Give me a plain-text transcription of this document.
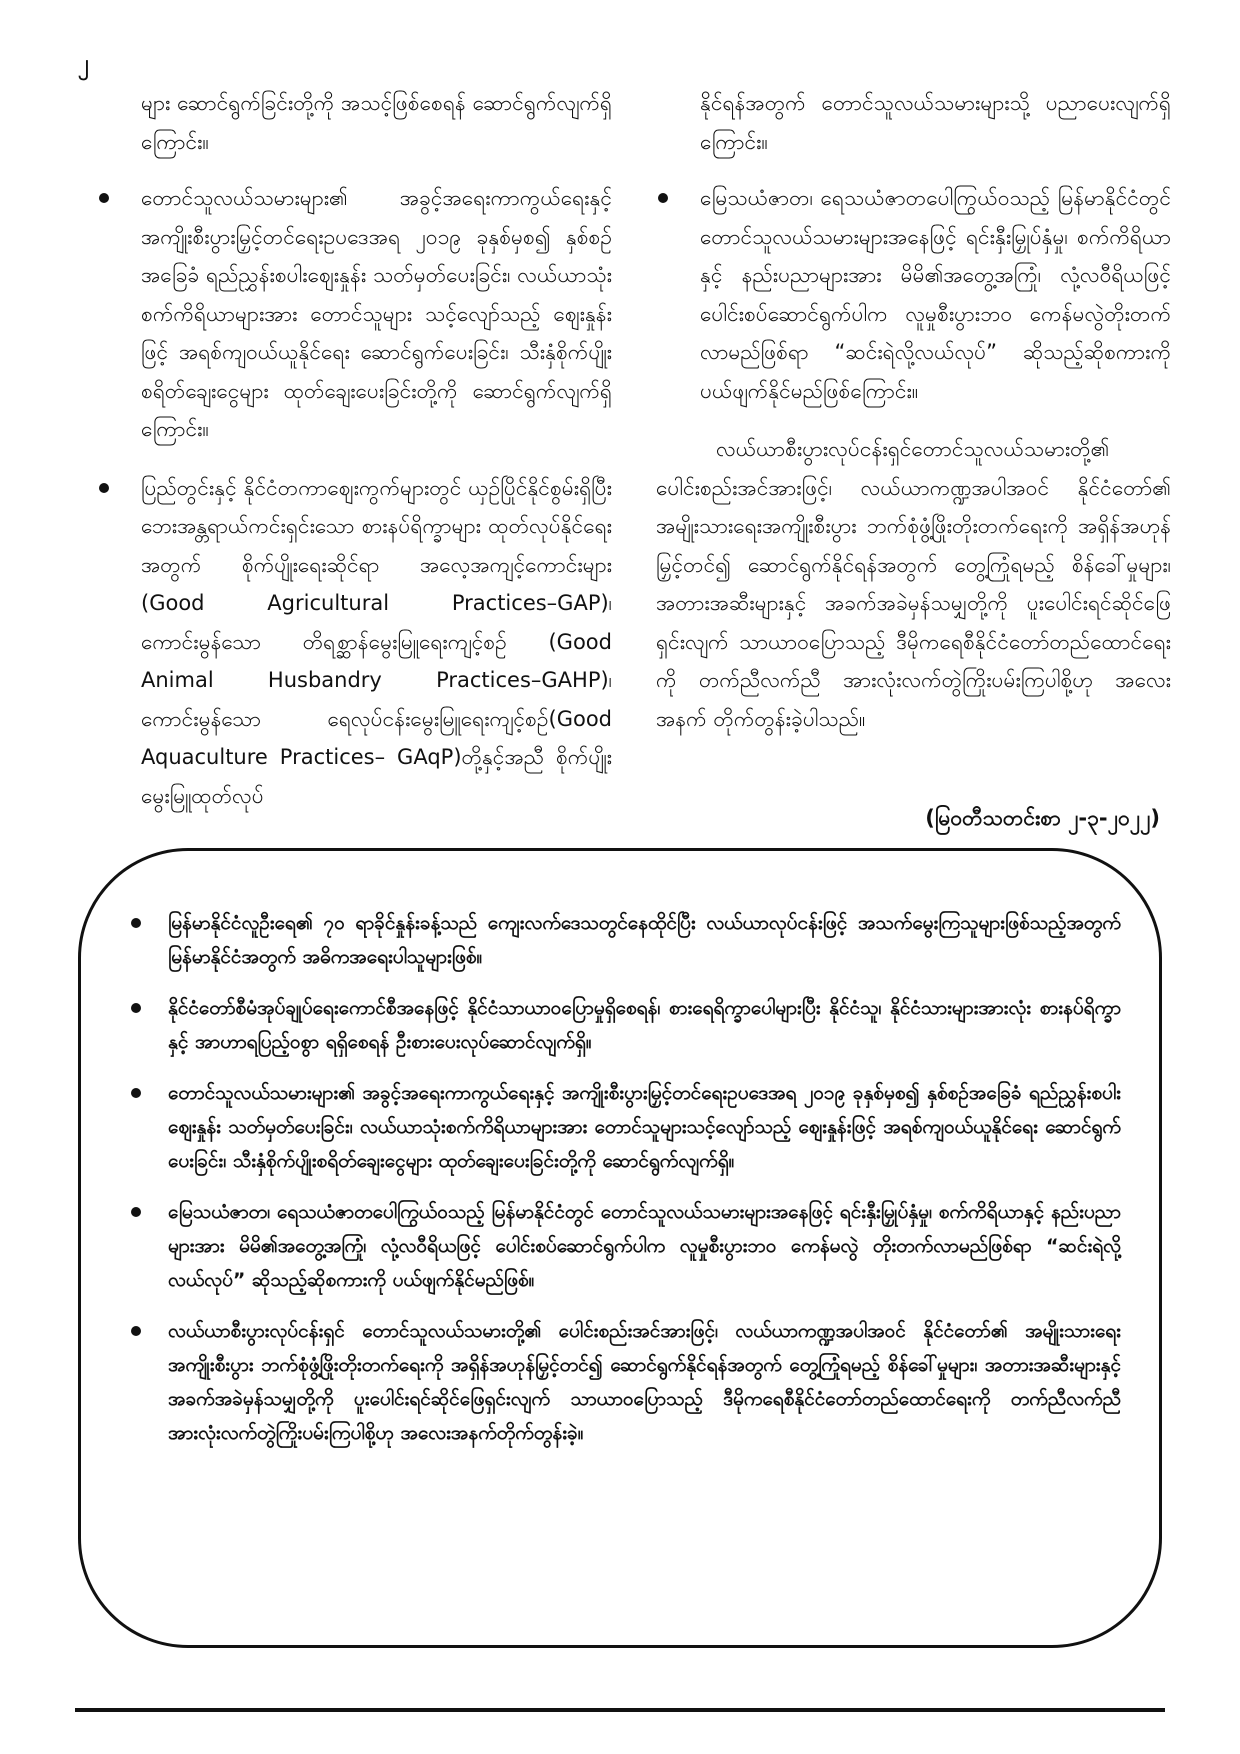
၂

များ ဆောင်ရွက်ခြင်းတို့ကို အသင့်ဖြစ်စေရန် ဆောင်ရွက်လျက်ရှိကြောင်း။

တောင်သူလယ်သမားများ၏ အခွင့်အရေးကာကွယ်ရေးနှင့် အကျိုးစီးပွားမြှင့်တင်ရေးဥပဒေအရ ၂၀၁၉ ခုနှစ်မှစ၍ နှစ်စဉ်အခြေခံ ရည်ညွှန်းစပါးဈေးနှုန်း သတ်မှတ်ပေးခြင်း၊ လယ်ယာသုံးစက်ကိရိယာများအား တောင်သူများ သင့်လျော်သည့် ဈေးနှုန်းဖြင့် အရစ်ကျဝယ်ယူနိုင်ရေး ဆောင်ရွက်ပေးခြင်း၊ သီးနှံစိုက်ပျိုးစရိတ်ချေးငွေများ ထုတ်ချေးပေးခြင်းတို့ကို ဆောင်ရွက်လျက်ရှိကြောင်း။
ပြည်တွင်းနှင့် နိုင်ငံတကာဈေးကွက်များတွင် ယှဉ်ပြိုင်နိုင်စွမ်းရှိပြီး ဘေးအန္တရာယ်ကင်းရှင်းသော စားနပ်ရိက္ခာများ ထုတ်လုပ်နိုင်ရေးအတွက် စိုက်ပျိုးရေးဆိုင်ရာ အလေ့အကျင့်ကောင်းများ (Good Agricultural Practices–GAP)၊ ကောင်းမွန်သော တိရစ္ဆာန်မွေးမြူရေးကျင့်စဉ် (Good Animal Husbandry Practices–GAHP)၊ ကောင်းမွန်သော ရေလုပ်ငန်းမွေးမြူရေးကျင့်စဉ်(Good Aquaculture Practices– GAqP)တို့နှင့်အညီ စိုက်ပျိုးမွေးမြူထုတ်လုပ်

နိုင်ရန်အတွက် တောင်သူလယ်သမားများသို့ ပညာပေးလျက်ရှိကြောင်း။

မြေသယံဇာတ၊ ရေသယံဇာတပေါကြွယ်ဝသည့် မြန်မာနိုင်ငံတွင် တောင်သူလယ်သမားများအနေဖြင့် ရင်းနှီးမြှုပ်နှံမှု၊ စက်ကိရိယာနှင့် နည်းပညာများအား မိမိ၏အတွေ့အကြုံ၊ လုံ့လဝီရိယဖြင့် ပေါင်းစပ်ဆောင်ရွက်ပါက လူမှုစီးပွားဘဝ ကေန်မလွဲတိုးတက်လာမည်ဖြစ်ရာ “ဆင်းရဲလို့လယ်လုပ်” ဆိုသည့်ဆိုစကားကို ပယ်ဖျက်နိုင်မည်ဖြစ်ကြောင်း။

လယ်ယာစီးပွားလုပ်ငန်းရှင်တောင်သူလယ်သမားတို့၏ ပေါင်းစည်းအင်အားဖြင့်၊ လယ်ယာကဏ္ဍအပါအဝင် နိုင်ငံတော်၏ အမျိုးသားရေးအကျိုးစီးပွား ဘက်စုံဖွံ့ဖြိုးတိုးတက်ရေးကို အရှိန်အဟုန်မြှင့်တင်၍ ဆောင်ရွက်နိုင်ရန်အတွက် တွေ့ကြုံရမည့် စိန်ခေါ်မှုများ၊ အတားအဆီးများနှင့် အခက်အခဲမှန်သမျှတို့ကို ပူးပေါင်းရင်ဆိုင်ဖြေရှင်းလျက် သာယာဝပြောသည့် ဒီမိုကရေစီနိုင်ငံတော်တည်ထောင်ရေးကို တက်ညီလက်ညီ အားလုံးလက်တွဲကြိုးပမ်းကြပါစို့ဟု အလေးအနက် တိုက်တွန်းခဲ့ပါသည်။

(မြဝတီသတင်းစာ ၂-၃-၂၀၂၂)
မြန်မာနိုင်ငံလူဦးရေ၏ ၇၀ ရာခိုင်နှုန်းခန့်သည် ကျေးလက်ဒေသတွင်နေထိုင်ပြီး လယ်ယာလုပ်ငန်းဖြင့် အသက်မွေးကြသူများဖြစ်သည့်အတွက် မြန်မာနိုင်ငံအတွက် အဓိကအရေးပါသူများဖြစ်။
နိုင်ငံတော်စီမံအုပ်ချုပ်ရေးကောင်စီအနေဖြင့် နိုင်ငံသာယာဝပြောမှုရှိစေရန်၊ စားရေရိက္ခာပေါများပြီး နိုင်ငံသူ၊ နိုင်ငံသားများအားလုံး စားနပ်ရိက္ခာနှင့် အာဟာရပြည့်ဝစွာ ရရှိစေရန် ဦးစားပေးလုပ်ဆောင်လျက်ရှိ။
တောင်သူလယ်သမားများ၏ အခွင့်အရေးကာကွယ်ရေးနှင့် အကျိုးစီးပွားမြှင့်တင်ရေးဥပဒေအရ ၂၀၁၉ ခုနှစ်မှစ၍ နှစ်စဉ်အခြေခံ ရည်ညွှန်းစပါးဈေးနှုန်း သတ်မှတ်ပေးခြင်း၊ လယ်ယာသုံးစက်ကိရိယာများအား တောင်သူများသင့်လျော်သည့် ဈေးနှုန်းဖြင့် အရစ်ကျဝယ်ယူနိုင်ရေး ဆောင်ရွက်ပေးခြင်း၊ သီးနှံစိုက်ပျိုးစရိတ်ချေးငွေများ ထုတ်ချေးပေးခြင်းတို့ကို ဆောင်ရွက်လျက်ရှိ။
မြေသယံဇာတ၊ ရေသယံဇာတပေါကြွယ်ဝသည့် မြန်မာနိုင်ငံတွင် တောင်သူလယ်သမားများအနေဖြင့် ရင်းနှီးမြှုပ်နှံမှု၊ စက်ကိရိယာနှင့် နည်းပညာများအား မိမိ၏အတွေ့အကြုံ၊ လုံ့လဝီရိယဖြင့် ပေါင်းစပ်ဆောင်ရွက်ပါက လူမှုစီးပွားဘဝ ကေန်မလွဲ တိုးတက်လာမည်ဖြစ်ရာ “ဆင်းရဲလို့လယ်လုပ်” ဆိုသည့်ဆိုစကားကို ပယ်ဖျက်နိုင်မည်ဖြစ်။
လယ်ယာစီးပွားလုပ်ငန်းရှင် တောင်သူလယ်သမားတို့၏ ပေါင်းစည်းအင်အားဖြင့်၊ လယ်ယာကဏ္ဍအပါအဝင် နိုင်ငံတော်၏ အမျိုးသားရေးအကျိုးစီးပွား ဘက်စုံဖွံ့ဖြိုးတိုးတက်ရေးကို အရှိန်အဟုန်မြှင့်တင်၍ ဆောင်ရွက်နိုင်ရန်အတွက် တွေ့ကြုံရမည့် စိန်ခေါ်မှုများ၊ အတားအဆီးများနှင့် အခက်အခဲမှန်သမျှတို့ကို ပူးပေါင်းရင်ဆိုင်ဖြေရှင်းလျက် သာယာဝပြောသည့် ဒီမိုကရေစီနိုင်ငံတော်တည်ထောင်ရေးကို တက်ညီလက်ညီ အားလုံးလက်တွဲကြိုးပမ်းကြပါစို့ဟု အလေးအနက်တိုက်တွန်းခဲ့။
